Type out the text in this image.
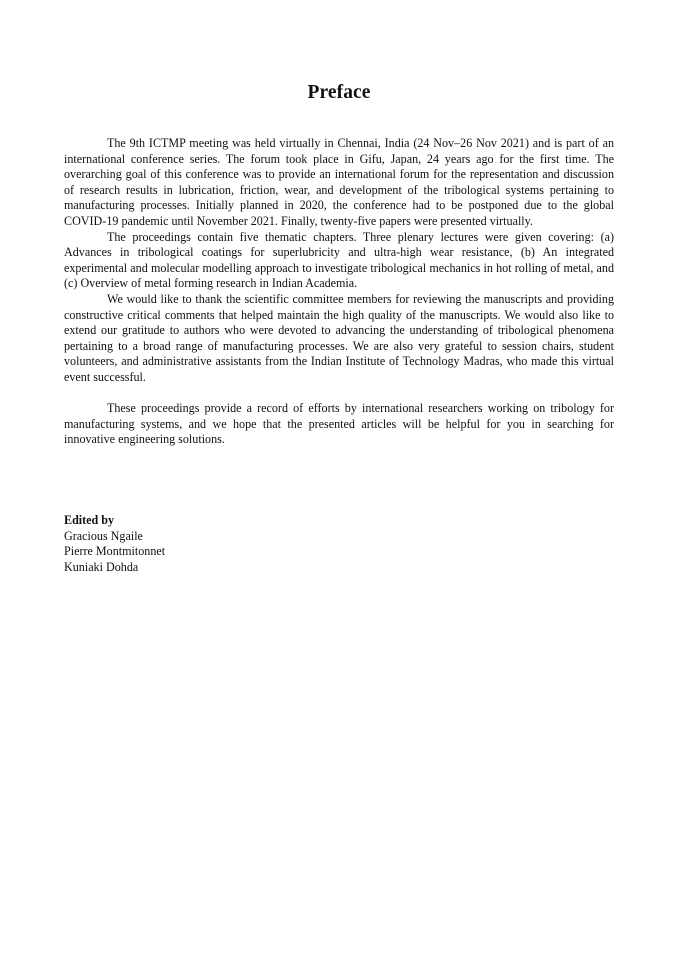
Preface

The 9th ICTMP meeting was held virtually in Chennai, India (24 Nov–26 Nov 2021) and is part of an international conference series. The forum took place in Gifu, Japan, 24 years ago for the first time. The overarching goal of this conference was to provide an international forum for the representation and discussion of research results in lubrication, friction, wear, and development of the tribological systems pertaining to manufacturing processes. Initially planned in 2020, the conference had to be postponed due to the global COVID-19 pandemic until November 2021. Finally, twenty-five papers were presented virtually.

The proceedings contain five thematic chapters. Three plenary lectures were given covering: (a) Advances in tribological coatings for superlubricity and ultra-high wear resistance, (b) An integrated experimental and molecular modelling approach to investigate tribological mechanics in hot rolling of metal, and (c) Overview of metal forming research in Indian Academia.

We would like to thank the scientific committee members for reviewing the manuscripts and providing constructive critical comments that helped maintain the high quality of the manuscripts. We would also like to extend our gratitude to authors who were devoted to advancing the understanding of tribological phenomena pertaining to a broad range of manufacturing processes. We are also very grateful to session chairs, student volunteers, and administrative assistants from the Indian Institute of Technology Madras, who made this virtual event successful.

These proceedings provide a record of efforts by international researchers working on tribology for manufacturing systems, and we hope that the presented articles will be helpful for you in searching for innovative engineering solutions.

Edited by
Gracious Ngaile
Pierre Montmitonnet
Kuniaki Dohda
